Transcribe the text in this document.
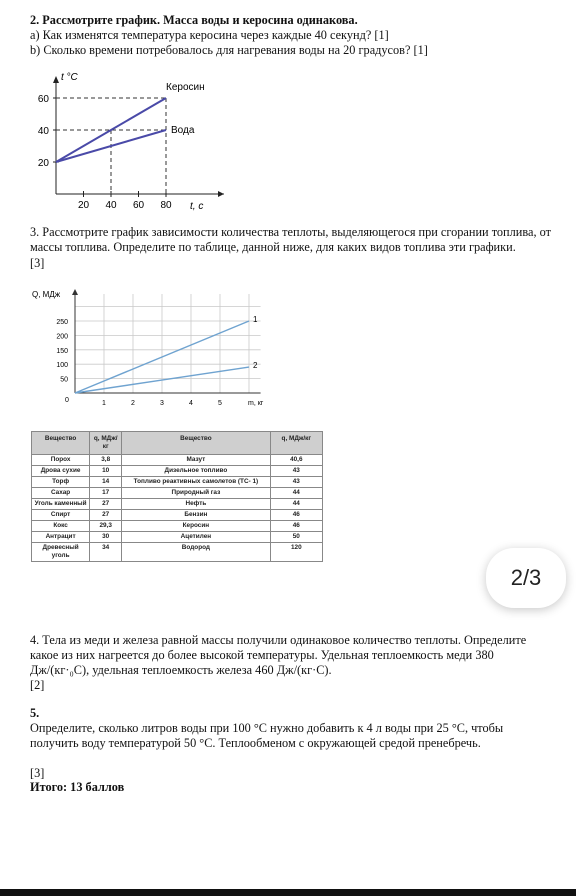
2. Рассмотрите график. Масса воды и керосина одинакова.
a) Как изменятся температура керосина через каждые 40 секунд? [1]
b) Сколько времени потребовалось для нагревания воды на 20 градусов? [1]
t °C
t, c
20 40 60 80
20
40
60
Керосин
Вода
3. Рассмотрите график зависимости количества теплоты, выделяющегося при сгорании топлива, от массы топлива. Определите по таблице, данной ниже, для каких видов топлива эти графики.
[3]
Q, МДж
m, кг
0	1	2	3	4	5
50
100
150
200
250	1
2
Вещество	q, МДж/кг	Вещество	q, МДж/кг
Порох	3,8	Мазут	40,6
Дрова сухие	10	Дизельное топливо	43
Торф	14	Топливо реактивных самолетов (ТС- 1)	43
Сахар	17	Природный газ	44
Уголь каменный	27	Нефть	44
Спирт	27	Бензин	46
Кокс	29,3	Керосин	46
Антрацит	30	Ацетилен	50
Древесный уголь	34	Водород	120
2/3
4. Тела из меди и железа равной массы получили одинаковое количество теплоты. Определите какое из них нагреется до более высокой температуры. Удельная теплоемкость меди 380 Дж/(кг·₀С), удельная теплоемкость железа 460 Дж/(кг·С).
[2]
5.
Определите, сколько литров воды при 100 °С нужно добавить к 4 л воды при 25 °С, чтобы получить воду температурой 50 °С. Теплообменом с окружающей средой пренебречь.
[3]
Итого: 13 баллов
